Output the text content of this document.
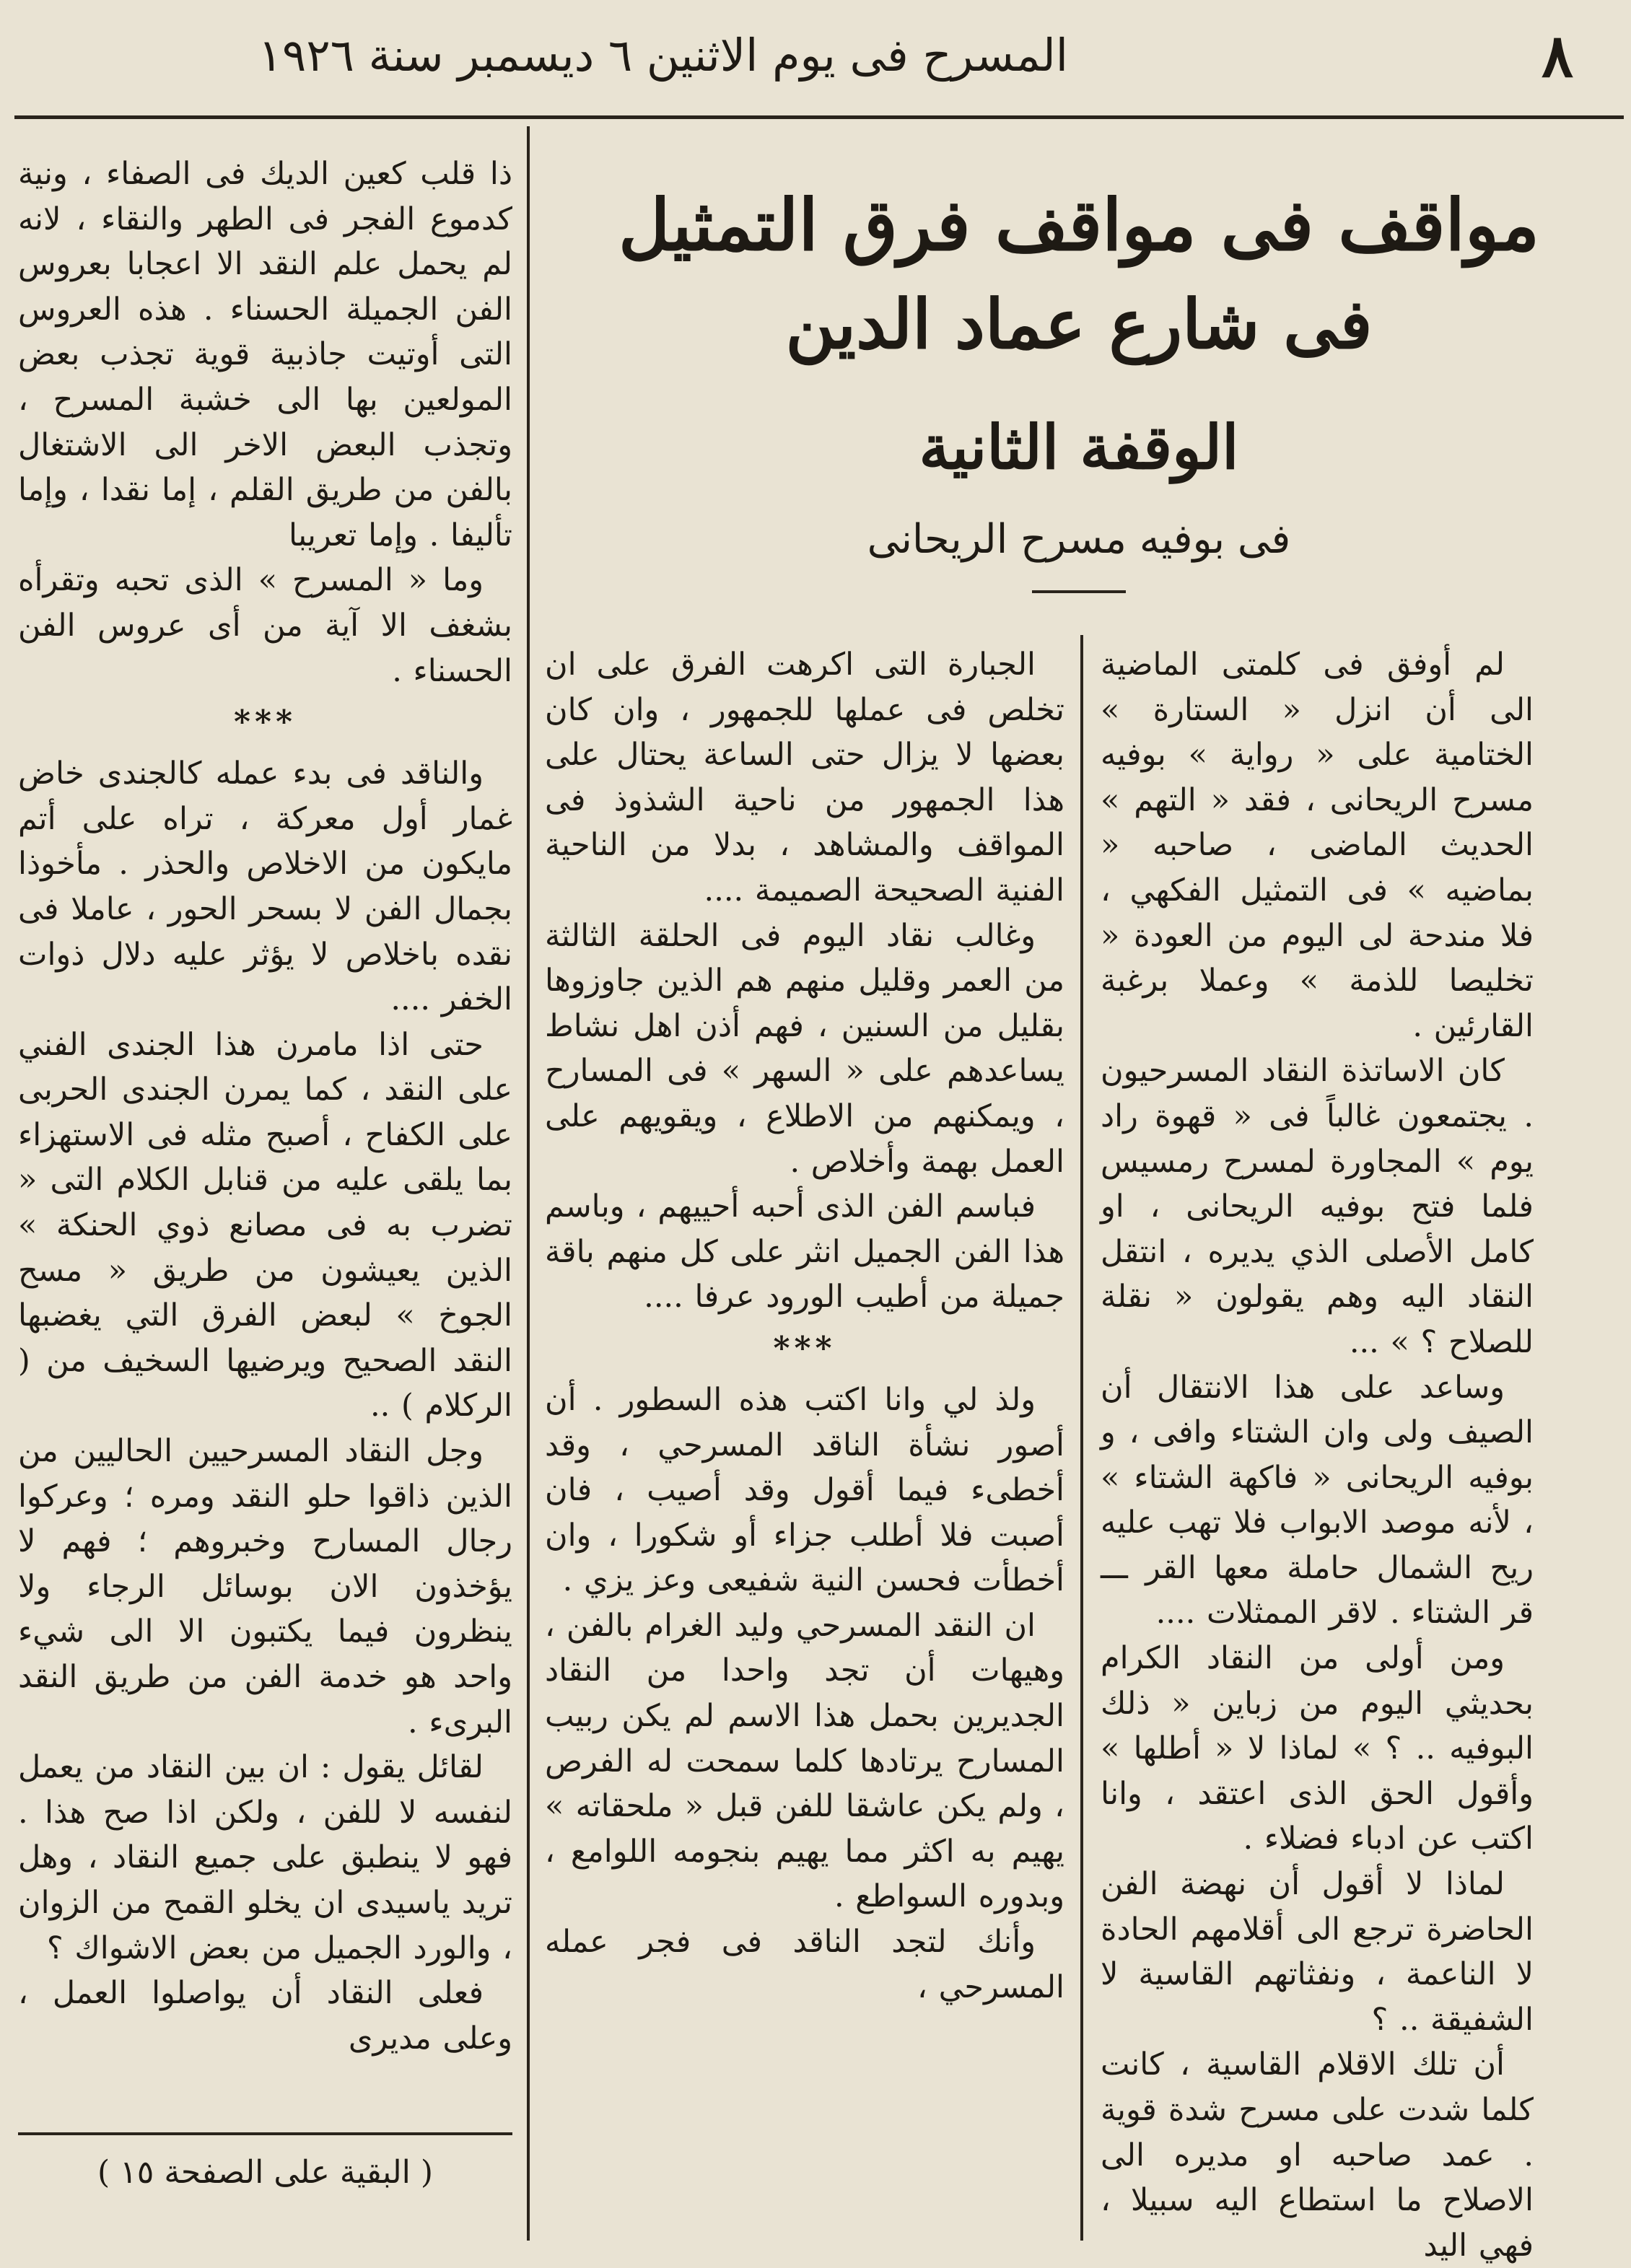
٨
المسرح فى يوم الاثنين ٦ ديسمبر سنة ١٩٢٦
مواقف فى مواقف فرق التمثيل
فى شارع عماد الدين
الوقفة الثانية
فى بوفيه مسرح الريحانى

لم أوفق فى كلمتى الماضية الى أن انزل « الستارة » الختامية على « رواية » بوفيه مسرح الريحانى ، فقد « التهم » الحديث الماضى ، صاحبه « بماضيه » فى التمثيل الفكهي ، فلا مندحة لى اليوم من العودة « تخليصا للذمة » وعملا برغبة القارئين .

كان الاساتذة النقاد المسرحيون . يجتمعون غالباً فى « قهوة راد يوم » المجاورة لمسرح رمسيس فلما فتح بوفيه الريحانى ، او كامل الأصلى الذي يديره ، انتقل النقاد اليه وهم يقولون « نقلة للصلاح ؟ » ...

وساعد على هذا الانتقال أن الصيف ولى وان الشتاء وافى ، و بوفيه الريحانى « فاكهة الشتاء » ، لأنه موصد الابواب فلا تهب عليه ريح الشمال حاملة معها القر ـــ قر الشتاء . لاقر الممثلات ....

ومن أولى من النقاد الكرام بحديثي اليوم من زباين « ذلك البوفيه .. ؟ » لماذا لا « أطلها » وأقول الحق الذى اعتقد ، وانا اكتب عن ادباء فضلاء .

لماذا لا أقول أن نهضة الفن الحاضرة ترجع الى أقلامهم الحادة لا الناعمة ، ونفثاتهم القاسية لا الشفيقة .. ؟

أن تلك الاقلام القاسية ، كانت كلما شدت على مسرح شدة قوية . عمد صاحبه او مديره الى الاصلاح ما استطاع اليه سبيلا ، فهي اليد

الجبارة التى اكرهت الفرق على ان تخلص فى عملها للجمهور ، وان كان بعضها لا يزال حتى الساعة يحتال على هذا الجمهور من ناحية الشذوذ فى المواقف والمشاهد ، بدلا من الناحية الفنية الصحيحة الصميمة ....

وغالب نقاد اليوم فى الحلقة الثالثة من العمر وقليل منهم هم الذين جاوزوها بقليل من السنين ، فهم أذن اهل نشاط يساعدهم على « السهر » فى المسارح ، ويمكنهم من الاطلاع ، ويقويهم على العمل بهمة وأخلاص .

فباسم الفن الذى أحبه أحييهم ، وباسم هذا الفن الجميل انثر على كل منهم باقة جميلة من أطيب الورود عرفا ....

*​*​*

ولذ لي وانا اكتب هذه السطور . أن أصور نشأة الناقد المسرحي ، وقد أخطىء فيما أقول وقد أصيب ، فان أصبت فلا أطلب جزاء أو شكورا ، وان أخطأت فحسن النية شفيعى وعز يزي .

ان النقد المسرحي وليد الغرام بالفن ، وهيهات أن تجد واحدا من النقاد الجديرين بحمل هذا الاسم لم يكن ربيب المسارح يرتادها كلما سمحت له الفرص ، ولم يكن عاشقا للفن قبل « ملحقاته » يهيم به اكثر مما يهيم بنجومه اللوامع ، وبدوره السواطع .

وأنك لتجد الناقد فى فجر عمله المسرحي ،

ذا قلب كعين الديك فى الصفاء ، ونية كدموع الفجر فى الطهر والنقاء ، لانه لم يحمل علم النقد الا اعجابا بعروس الفن الجميلة الحسناء . هذه العروس التى أوتيت جاذبية قوية تجذب بعض المولعين بها الى خشبة المسرح ، وتجذب البعض الاخر الى الاشتغال بالفن من طريق القلم ، إما نقدا ، وإما تأليفا . وإما تعريبا

وما « المسرح » الذى تحبه وتقرأه بشغف الا آية من أى عروس الفن الحسناء .

***

والناقد فى بدء عمله كالجندى خاض غمار أول معركة ، تراه على أتم مايكون من الاخلاص والحذر . مأخوذا بجمال الفن لا بسحر الحور ، عاملا فى نقده باخلاص لا يؤثر عليه دلال ذوات الخفر ....

حتى اذا مامرن هذا الجندى الفني على النقد ، كما يمرن الجندى الحربى على الكفاح ، أصبح مثله فى الاستهزاء بما يلقى عليه من قنابل الكلام التى « تضرب به فى مصانع ذوي الحنكة » الذين يعيشون من طريق « مسح الجوخ » لبعض الفرق التي يغضبها النقد الصحيح ويرضيها السخيف من ( الركلام ) ..

وجل النقاد المسرحيين الحاليين من الذين ذاقوا حلو النقد ومره ؛ وعركوا رجال المسارح وخبروهم ؛ فهم لا يؤخذون الان بوسائل الرجاء ولا ينظرون فيما يكتبون الا الى شيء واحد هو خدمة الفن من طريق النقد البرىء .

لقائل يقول : ان بين النقاد من يعمل لنفسه لا للفن ، ولكن اذا صح هذا . فهو لا ينطبق على جميع النقاد ، وهل تريد ياسيدى ان يخلو القمح من الزوان ، والورد الجميل من بعض الاشواك ؟

فعلى النقاد أن يواصلوا العمل ، وعلى مديرى

( البقية على الصفحة ١٥ )
